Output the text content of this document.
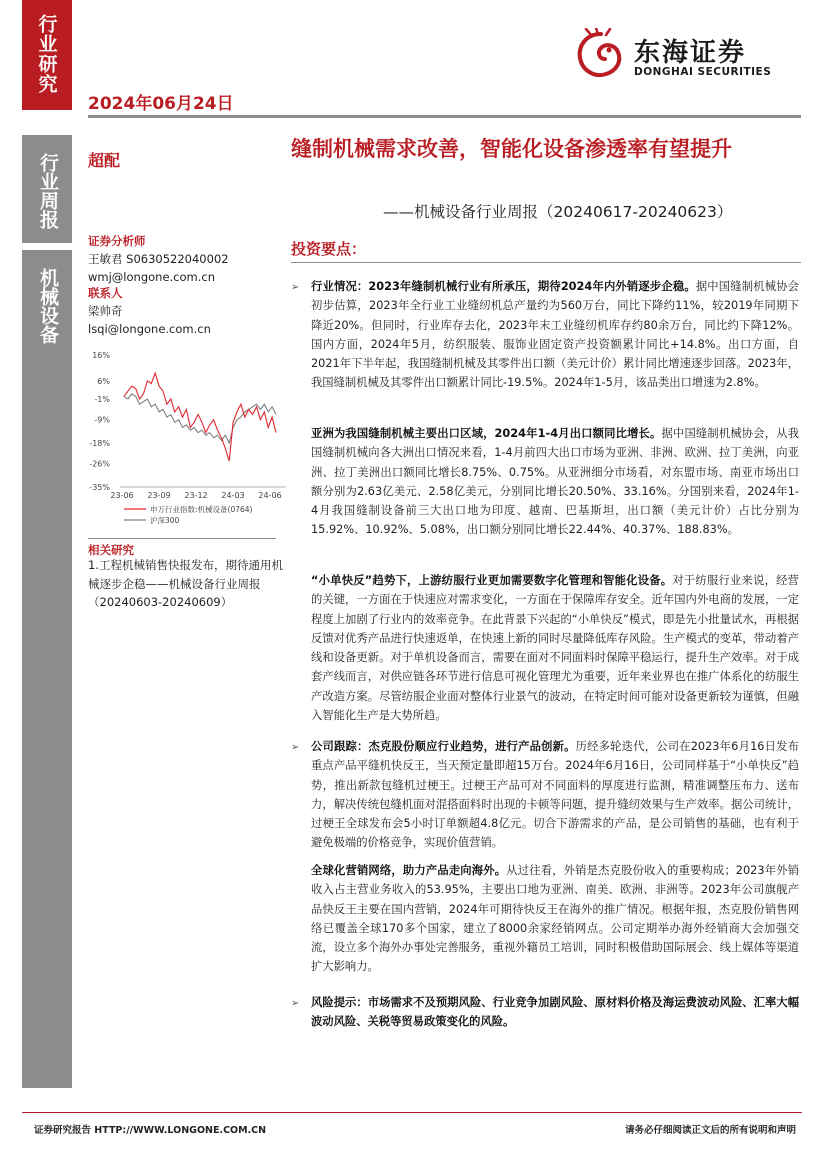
行业研究
行业周报
机械设备
2024年06月24日
东海证券
DONGHAI SECURITIES
超配	缝制机械需求改善，智能化设备渗透率有望提升
——机械设备行业周报（20240617-20240623）
证券分析师
王敏君 S0630522040002
wmj@longone.com.cn
联系人
梁帅奇
lsqi@longone.com.cn
16%
6%
-1%
-9%
-18%
-26%
-35%
23-06 23-09 23-12 24-03 24-06
申万行业指数:机械设备(0764)
沪深300
相关研究
1.工程机械销售快报发布，期待通用机械逐步企稳——机械设备行业周报（20240603-20240609）
投资要点：
➢ 行业情况：2023年缝制机械行业有所承压，期待2024年内外销逐步企稳。据中国缝制机械协会初步估算，2023年全行业工业缝纫机总产量约为560万台，同比下降约11%，较2019年同期下降近20%。但同时，行业库存去化，2023年末工业缝纫机库存约80余万台，同比约下降12%。国内方面，2024年5月，纺织服装、服饰业固定资产投资额累计同比+14.8%。出口方面，自2021年下半年起，我国缝制机械及其零件出口额（美元计价）累计同比增速逐步回落。2023年，我国缝制机械及其零件出口额累计同比-19.5%。2024年1-5月，该品类出口增速为2.8%。
亚洲为我国缝制机械主要出口区域，2024年1-4月出口额同比增长。据中国缝制机械协会，从我国缝制机械向各大洲出口情况来看，1-4月前四大出口市场为亚洲、非洲、欧洲、拉丁美洲，向亚洲、拉丁美洲出口额同比增长8.75%、0.75%。从亚洲细分市场看，对东盟市场、南亚市场出口额分别为2.63亿美元、2.58亿美元，分别同比增长20.50%、33.16%。分国别来看，2024年1-4月我国缝制设备前三大出口地为印度、越南、巴基斯坦，出口额（美元计价）占比分别为15.92%、10.92%、5.08%，出口额分别同比增长22.44%、40.37%、188.83%。
“小单快反”趋势下，上游纺服行业更加需要数字化管理和智能化设备。对于纺服行业来说，经营的关键，一方面在于快速应对需求变化，一方面在于保障库存安全。近年国内外电商的发展，一定程度上加剧了行业内的效率竞争。在此背景下兴起的“小单快反”模式，即是先小批量试水，再根据反馈对优秀产品进行快速返单，在快速上新的同时尽量降低库存风险。生产模式的变革，带动着产线和设备更新。对于单机设备而言，需要在面对不同面料时保障平稳运行，提升生产效率。对于成套产线而言，对供应链各环节进行信息可视化管理尤为重要，近年来业界也在推广体系化的纺服生产改造方案。尽管纺服企业面对整体行业景气的波动，在特定时间可能对设备更新较为谨慎，但融入智能化生产是大势所趋。
➢ 公司跟踪：杰克股份顺应行业趋势，进行产品创新。历经多轮迭代，公司在2023年6月16日发布重点产品平缝机快反王，当天预定量即超15万台。2024年6月16日，公司同样基于“小单快反”趋势，推出新款包缝机过梗王。过梗王产品可对不同面料的厚度进行监测，精准调整压布力、送布力，解决传统包缝机面对混搭面料时出现的卡顿等问题，提升缝纫效果与生产效率。据公司统计，过梗王全球发布会5小时订单额超4.8亿元。切合下游需求的产品，是公司销售的基础，也有利于避免极端的价格竞争，实现价值营销。
全球化营销网络，助力产品走向海外。从过往看，外销是杰克股份收入的重要构成；2023年外销收入占主营业务收入的53.95%，主要出口地为亚洲、南美、欧洲、非洲等。2023年公司旗舰产品快反王主要在国内营销，2024年可期待快反王在海外的推广情况。根据年报，杰克股份销售网络已覆盖全球170多个国家，建立了8000余家经销网点。公司定期举办海外经销商大会加强交流，设立多个海外办事处完善服务，重视外籍员工培训，同时积极借助国际展会、线上媒体等渠道扩大影响力。
➢ 风险提示：市场需求不及预期风险、行业竞争加剧风险、原材料价格及海运费波动风险、汇率大幅波动风险、关税等贸易政策变化的风险。
证券研究报告 HTTP://WWW.LONGONE.COM.CN	请务必仔细阅读正文后的所有说明和声明
